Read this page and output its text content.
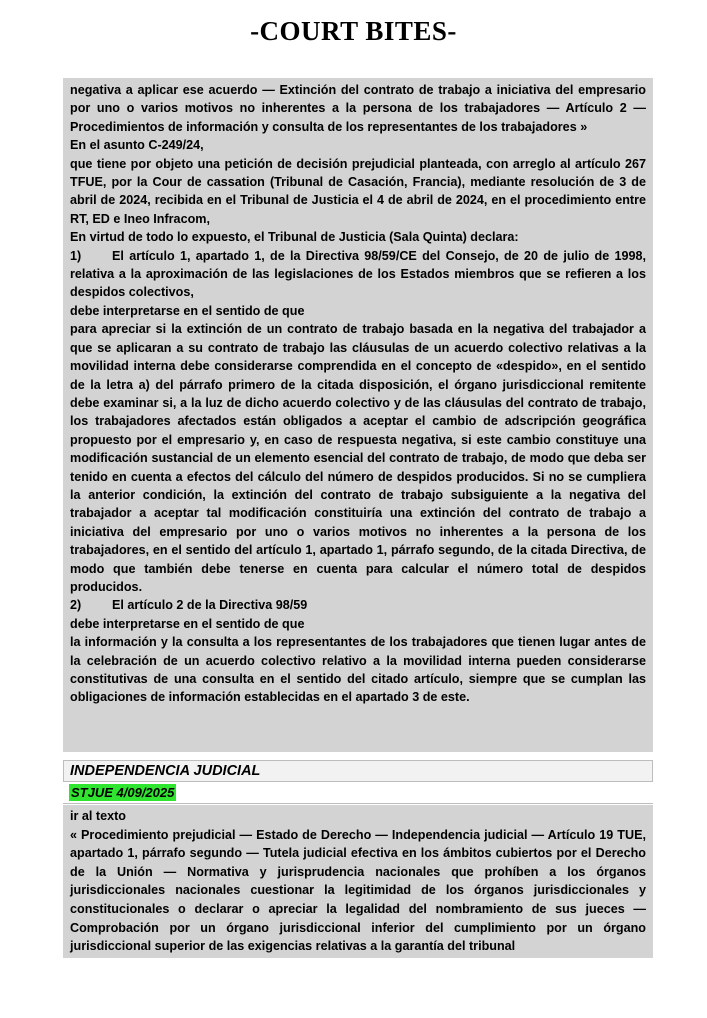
-COURT BITES-

negativa a aplicar ese acuerdo — Extinción del contrato de trabajo a iniciativa del empresario por uno o varios motivos no inherentes a la persona de los trabajadores — Artículo 2 — Procedimientos de información y consulta de los representantes de los trabajadores »

En el asunto C‑249/24,

que tiene por objeto una petición de decisión prejudicial planteada, con arreglo al artículo 267 TFUE, por la Cour de cassation (Tribunal de Casación, Francia), mediante resolución de 3 de abril de 2024, recibida en el Tribunal de Justicia el 4 de abril de 2024, en el procedimiento entre RT, ED e Ineo Infracom,

En virtud de todo lo expuesto, el Tribunal de Justicia (Sala Quinta) declara:

1) El artículo 1, apartado 1, de la Directiva 98/59/CE del Consejo, de 20 de julio de 1998, relativa a la aproximación de las legislaciones de los Estados miembros que se refieren a los despidos colectivos,

debe interpretarse en el sentido de que

para apreciar si la extinción de un contrato de trabajo basada en la negativa del trabajador a que se aplicaran a su contrato de trabajo las cláusulas de un acuerdo colectivo relativas a la movilidad interna debe considerarse comprendida en el concepto de «despido», en el sentido de la letra a) del párrafo primero de la citada disposición, el órgano jurisdiccional remitente debe examinar si, a la luz de dicho acuerdo colectivo y de las cláusulas del contrato de trabajo, los trabajadores afectados están obligados a aceptar el cambio de adscripción geográfica propuesto por el empresario y, en caso de respuesta negativa, si este cambio constituye una modificación sustancial de un elemento esencial del contrato de trabajo, de modo que deba ser tenido en cuenta a efectos del cálculo del número de despidos producidos. Si no se cumpliera la anterior condición, la extinción del contrato de trabajo subsiguiente a la negativa del trabajador a aceptar tal modificación constituiría una extinción del contrato de trabajo a iniciativa del empresario por uno o varios motivos no inherentes a la persona de los trabajadores, en el sentido del artículo 1, apartado 1, párrafo segundo, de la citada Directiva, de modo que también debe tenerse en cuenta para calcular el número total de despidos producidos.

2) El artículo 2 de la Directiva 98/59

debe interpretarse en el sentido de que

la información y la consulta a los representantes de los trabajadores que tienen lugar antes de la celebración de un acuerdo colectivo relativo a la movilidad interna pueden considerarse constitutivas de una consulta en el sentido del citado artículo, siempre que se cumplan las obligaciones de información establecidas en el apartado 3 de este.

INDEPENDENCIA JUDICIAL
STJUE 4/09/2025

ir al texto

« Procedimiento prejudicial — Estado de Derecho — Independencia judicial — Artículo 19 TUE, apartado 1, párrafo segundo — Tutela judicial efectiva en los ámbitos cubiertos por el Derecho de la Unión — Normativa y jurisprudencia nacionales que prohíben a los órganos jurisdiccionales nacionales cuestionar la legitimidad de los órganos jurisdiccionales y constitucionales o declarar o apreciar la legalidad del nombramiento de sus jueces — Comprobación por un órgano jurisdiccional inferior del cumplimiento por un órgano jurisdiccional superior de las exigencias relativas a la garantía del tribunal
